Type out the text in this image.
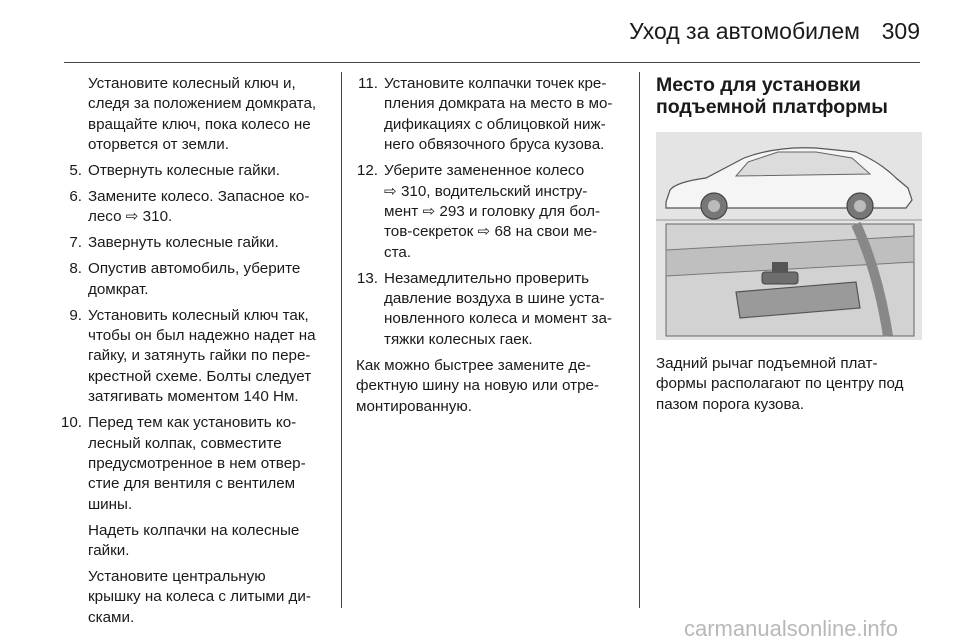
Уход за автомобилем 309

Установите колесный ключ и,
следя за положением домкрата,
вращайте ключ, пока колесо не
оторвется от земли.

5. Отвернуть колесные гайки.
6. Замените колесо. Запасное ко-
лесо ⇨ 310.
7. Завернуть колесные гайки.
8. Опустив автомобиль, уберите
домкрат.
9. Установить колесный ключ так,
чтобы он был надежно надет на
гайку, и затянуть гайки по пере-
крестной схеме. Болты следует
затягивать моментом 140 Нм.
10. Перед тем как установить ко-
лесный колпак, совместите
предусмотренное в нем отвер-
стие для вентиля с вентилем
шины.

Надеть колпачки на колесные
гайки.

Установите центральную
крышку на колеса с литыми ди-
сками.

11. Установите колпачки точек кре-
пления домкрата на место в мо-
дификациях с облицовкой ниж-
него обвязочного бруса кузова.
12. Уберите замененное колесо
⇨ 310, водительский инстру-
мент ⇨ 293 и головку для бол-
тов-секреток ⇨ 68 на свои ме-
ста.
13. Незамедлительно проверить
давление воздуха в шине уста-
новленного колеса и момент за-
тяжки колесных гаек.

Как можно быстрее замените де-
фектную шину на новую или отре-
монтированную.

Место для установки
подъемной платформы

Задний рычаг подъемной плат-
формы располагают по центру под
пазом порога кузова.

carmanualsonline.info
